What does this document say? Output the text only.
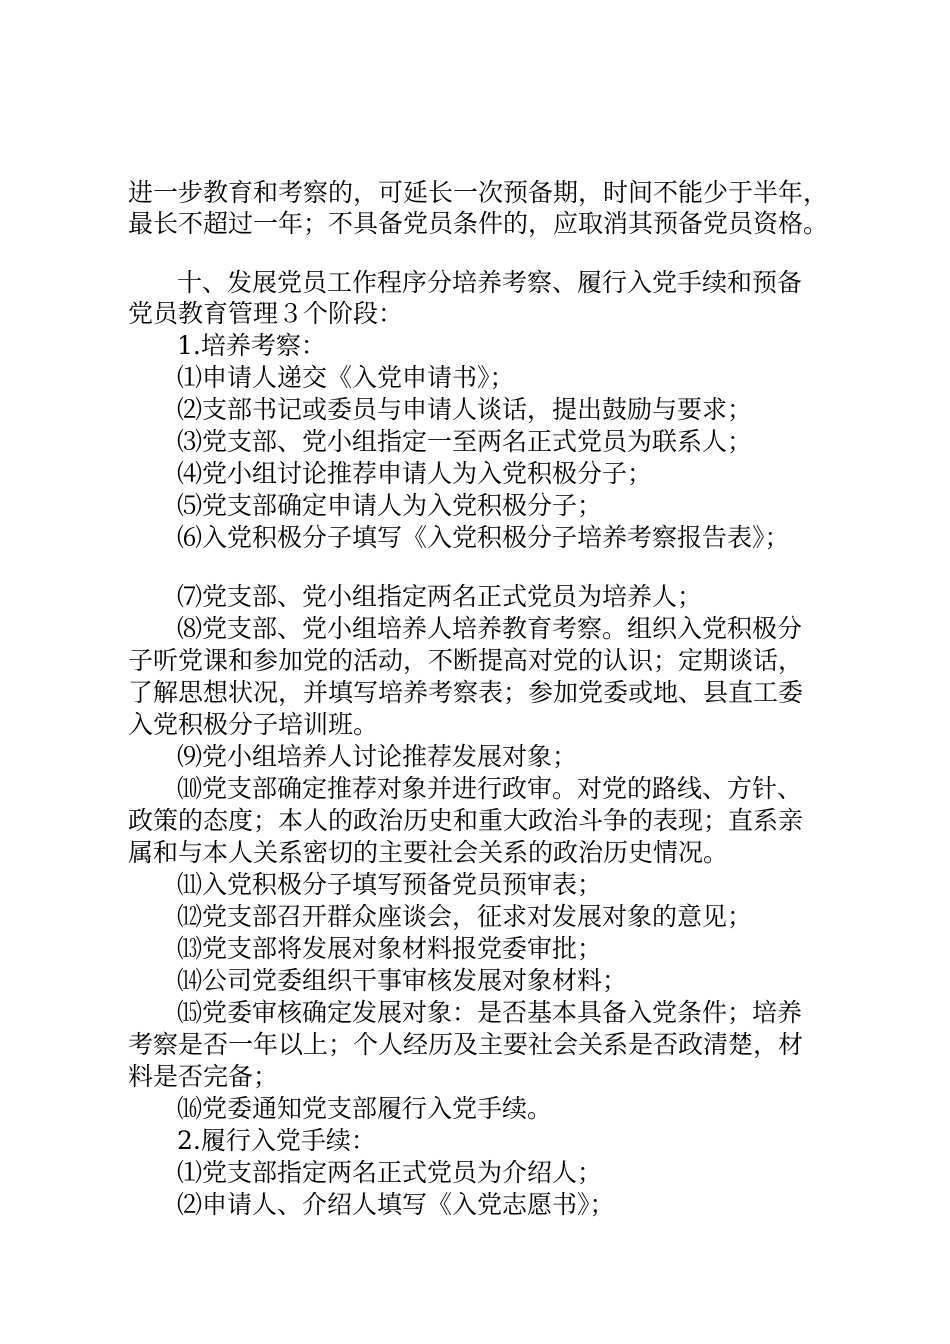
进一步教育和考察的，可延长一次预备期，时间不能少于半年，
最长不超过一年；不具备党员条件的，应取消其预备党员资格。
十、发展党员工作程序分培养考察、履行入党手续和预备
党员教育管理３个阶段：
1.培养考察：
⑴申请人递交《入党申请书》；
⑵支部书记或委员与申请人谈话，提出鼓励与要求；
⑶党支部、党小组指定一至两名正式党员为联系人；
⑷党小组讨论推荐申请人为入党积极分子；
⑸党支部确定申请人为入党积极分子；
⑹入党积极分子填写《入党积极分子培养考察报告表》；
⑺党支部、党小组指定两名正式党员为培养人；
⑻党支部、党小组培养人培养教育考察。组织入党积极分
子听党课和参加党的活动，不断提高对党的认识；定期谈话，
了解思想状况，并填写培养考察表；参加党委或地、县直工委
入党积极分子培训班。
⑼党小组培养人讨论推荐发展对象；
⑽党支部确定推荐对象并进行政审。对党的路线、方针、
政策的态度；本人的政治历史和重大政治斗争的表现；直系亲
属和与本人关系密切的主要社会关系的政治历史情况。
⑾入党积极分子填写预备党员预审表；
⑿党支部召开群众座谈会，征求对发展对象的意见；
⒀党支部将发展对象材料报党委审批；
⒁公司党委组织干事审核发展对象材料；
⒂党委审核确定发展对象：是否基本具备入党条件；培养
考察是否一年以上；个人经历及主要社会关系是否政清楚，材
料是否完备；
⒃党委通知党支部履行入党手续。
2.履行入党手续：
⑴党支部指定两名正式党员为介绍人；
⑵申请人、介绍人填写《入党志愿书》；
